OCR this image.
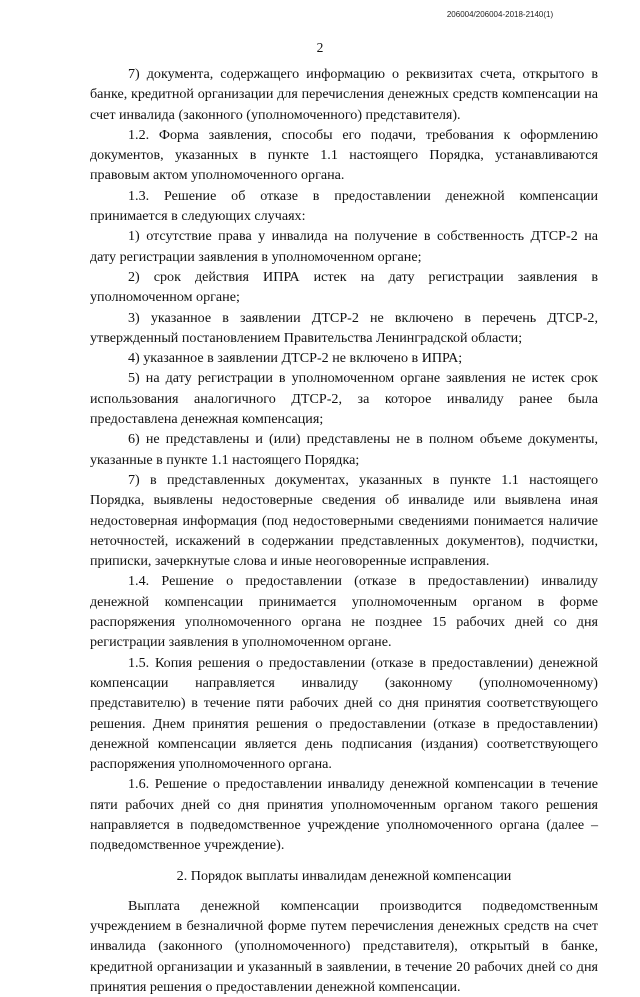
206004/206004-2018-2140(1)
2

7) документа, содержащего информацию о реквизитах счета, открытого в банке, кредитной организации для перечисления денежных средств компенсации на счет инвалида (законного (уполномоченного) представителя).

1.2. Форма заявления, способы его подачи, требования к оформлению документов, указанных в пункте 1.1 настоящего Порядка, устанавливаются правовым актом уполномоченного органа.

1.3. Решение об отказе в предоставлении денежной компенсации принимается в следующих случаях:

1) отсутствие права у инвалида на получение в собственность ДТСР-2 на дату регистрации заявления в уполномоченном органе;

2) срок действия ИПРА истек на дату регистрации заявления в уполномоченном органе;

3) указанное в заявлении ДТСР-2 не включено в перечень ДТСР-2, утвержденный постановлением Правительства Ленинградской области;

4) указанное в заявлении ДТСР-2 не включено в ИПРА;

5) на дату регистрации в уполномоченном органе заявления не истек срок использования аналогичного ДТСР-2, за которое инвалиду ранее была предоставлена денежная компенсация;

6) не представлены и (или) представлены не в полном объеме документы, указанные в пункте 1.1 настоящего Порядка;

7) в представленных документах, указанных в пункте 1.1 настоящего Порядка, выявлены недостоверные сведения об инвалиде или выявлена иная недостоверная информация (под недостоверными сведениями понимается наличие неточностей, искажений в содержании представленных документов), подчистки, приписки, зачеркнутые слова и иные неоговоренные исправления.

1.4. Решение о предоставлении (отказе в предоставлении) инвалиду денежной компенсации принимается уполномоченным органом в форме распоряжения уполномоченного органа не позднее 15 рабочих дней со дня регистрации заявления в уполномоченном органе.

1.5. Копия решения о предоставлении (отказе в предоставлении) денежной компенсации направляется инвалиду (законному (уполномоченному) представителю) в течение пяти рабочих дней со дня принятия соответствующего решения. Днем принятия решения о предоставлении (отказе в предоставлении) денежной компенсации является день подписания (издания) соответствующего распоряжения уполномоченного органа.

1.6. Решение о предоставлении инвалиду денежной компенсации в течение пяти рабочих дней со дня принятия уполномоченным органом такого решения направляется в подведомственное учреждение уполномоченного органа (далее – подведомственное учреждение).

2. Порядок выплаты инвалидам денежной компенсации

Выплата денежной компенсации производится подведомственным учреждением в безналичной форме путем перечисления денежных средств на счет инвалида (законного (уполномоченного) представителя), открытый в банке, кредитной организации и указанный в заявлении, в течение 20 рабочих дней со дня принятия решения о предоставлении денежной компенсации.
